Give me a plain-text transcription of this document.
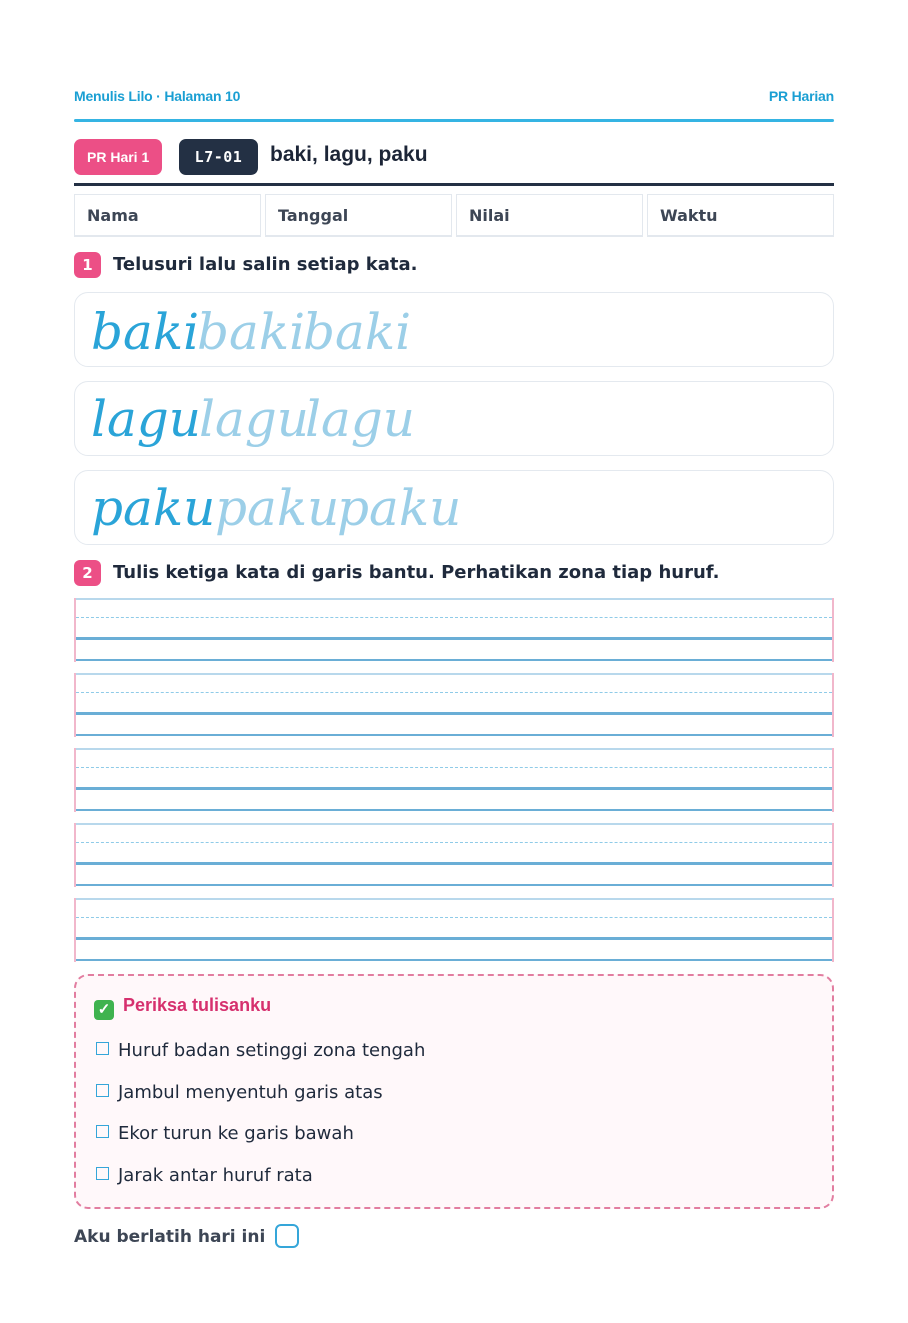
Menulis Lilo · Halaman 10	PR Harian
PR Hari 1	L7-01	baki, lagu, paku
Nama	Tanggal	Nilai	Waktu
1	Telusuri lalu salin setiap kata.
baki
baki
baki
lagu
lagu
lagu
paku paku
paku
2	Tulis ketiga kata di garis bantu. Perhatikan zona tiap huruf.
✓ Periksa tulisanku
Huruf badan setinggi zona tengah
Jambul menyentuh garis atas
Ekor turun ke garis bawah
Jarak antar huruf rata
Aku berlatih hari ini
